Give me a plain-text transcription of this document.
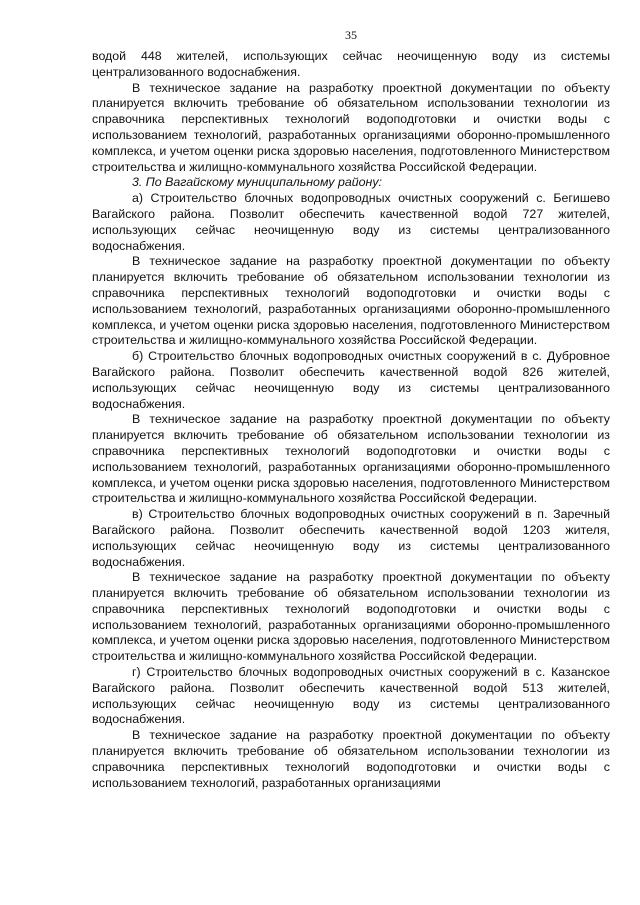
35

водой 448 жителей, использующих сейчас неочищенную воду из системы централизованного водоснабжения.

В техническое задание на разработку проектной документации по объекту планируется включить требование об обязательном использовании технологии из справочника перспективных технологий водоподготовки и очистки воды с использованием технологий, разработанных организациями оборонно-промышленного комплекса, и учетом оценки риска здоровью населения, подготовленного Министерством строительства и жилищно-коммунального хозяйства Российской Федерации.

3. По Вагайскому муниципальному району:

а) Строительство блочных водопроводных очистных сооружений с. Бегишево Вагайского района. Позволит обеспечить качественной водой 727 жителей, использующих сейчас неочищенную воду из системы централизованного водоснабжения.

В техническое задание на разработку проектной документации по объекту планируется включить требование об обязательном использовании технологии из справочника перспективных технологий водоподготовки и очистки воды с использованием технологий, разработанных организациями оборонно-промышленного комплекса, и учетом оценки риска здоровью населения, подготовленного Министерством строительства и жилищно-коммунального хозяйства Российской Федерации.

б) Строительство блочных водопроводных очистных сооружений в с. Дубровное Вагайского района. Позволит обеспечить качественной водой 826 жителей, использующих сейчас неочищенную воду из системы централизованного водоснабжения.

В техническое задание на разработку проектной документации по объекту планируется включить требование об обязательном использовании технологии из справочника перспективных технологий водоподготовки и очистки воды с использованием технологий, разработанных организациями оборонно-промышленного комплекса, и учетом оценки риска здоровью населения, подготовленного Министерством строительства и жилищно-коммунального хозяйства Российской Федерации.

в) Строительство блочных водопроводных очистных сооружений в п. Заречный Вагайского района. Позволит обеспечить качественной водой 1203 жителя, использующих сейчас неочищенную воду из системы централизованного водоснабжения.

В техническое задание на разработку проектной документации по объекту планируется включить требование об обязательном использовании технологии из справочника перспективных технологий водоподготовки и очистки воды с использованием технологий, разработанных организациями оборонно-промышленного комплекса, и учетом оценки риска здоровью населения, подготовленного Министерством строительства и жилищно-коммунального хозяйства Российской Федерации.

г) Строительство блочных водопроводных очистных сооружений в с. Казанское Вагайского района. Позволит обеспечить качественной водой 513 жителей, использующих сейчас неочищенную воду из системы централизованного водоснабжения.

В техническое задание на разработку проектной документации по объекту планируется включить требование об обязательном использовании технологии из справочника перспективных технологий водоподготовки и очистки воды с использованием технологий, разработанных организациями
